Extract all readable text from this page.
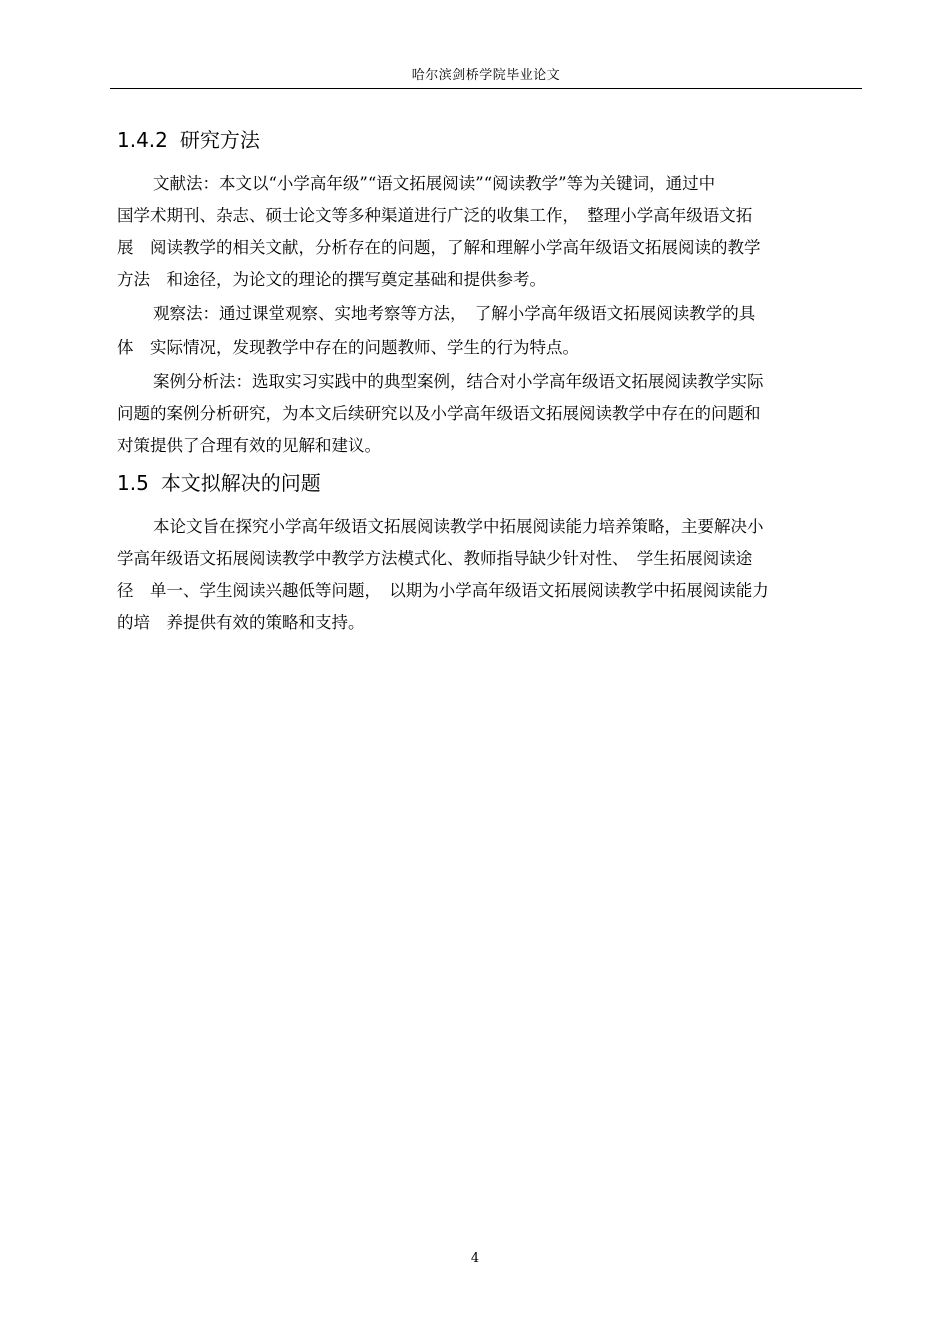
哈尔滨剑桥学院毕业论文
1.4.2 研究方法
文献法：本文以“小学高年级”“语文拓展阅读”“阅读教学”等为关键词，通过中
国学术期刊、杂志、硕士论文等多种渠道进行广泛的收集工作，　整理小学高年级语文拓
展　阅读教学的相关文献，分析存在的问题，了解和理解小学高年级语文拓展阅读的教学
方法　和途径，为论文的理论的撰写奠定基础和提供参考。
观察法：通过课堂观察、实地考察等方法，　了解小学高年级语文拓展阅读教学的具
体　实际情况，发现教学中存在的问题教师、学生的行为特点。
案例分析法：选取实习实践中的典型案例，结合对小学高年级语文拓展阅读教学实际
问题的案例分析研究，为本文后续研究以及小学高年级语文拓展阅读教学中存在的问题和
对策提供了合理有效的见解和建议。
1.5 本文拟解决的问题
本论文旨在探究小学高年级语文拓展阅读教学中拓展阅读能力培养策略，主要解决小
学高年级语文拓展阅读教学中教学方法模式化、教师指导缺少针对性、　学生拓展阅读途
径　单一、学生阅读兴趣低等问题，　以期为小学高年级语文拓展阅读教学中拓展阅读能力
的培　养提供有效的策略和支持。
4
